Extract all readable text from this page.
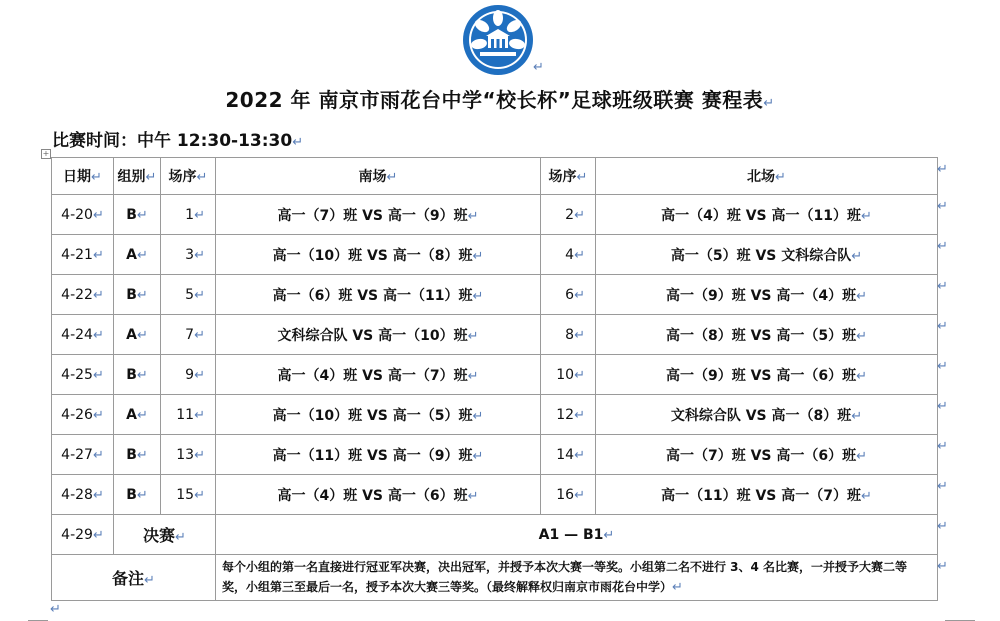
↵
2022 年 南京市雨花台中学“校长杯”足球班级联赛 赛程表↵
比赛时间：中午 12:30-13:30↵
+
日期↵	组别↵	场序↵	南场↵	场序↵	北场↵
4-20↵	B↵	1↵	高一（7）班 VS 高一（9）班↵	2↵	高一（4）班 VS 高一（11）班↵
4-21↵	A↵	3↵	高一（10）班 VS 高一（8）班↵	4↵	高一（5）班 VS 文科综合队↵
4-22↵	B↵	5↵	高一（6）班 VS 高一（11）班↵	6↵	高一（9）班 VS 高一（4）班↵
4-24↵	A↵	7↵	文科综合队 VS 高一（10）班↵	8↵	高一（8）班 VS 高一（5）班↵
4-25↵	B↵	9↵	高一（4）班 VS 高一（7）班↵	10↵	高一（9）班 VS 高一（6）班↵
4-26↵	A↵	11↵	高一（10）班 VS 高一（5）班↵	12↵	文科综合队 VS 高一（8）班↵
4-27↵	B↵	13↵	高一（11）班 VS 高一（9）班↵	14↵	高一（7）班 VS 高一（6）班↵
4-28↵	B↵	15↵	高一（4）班 VS 高一（6）班↵	16↵	高一（11）班 VS 高一（7）班↵
4-29↵	决赛↵		A1 — B1↵		
备注↵			每个小组的第一名直接进行冠亚军决赛，决出冠军，并授予本次大赛一等奖。小组第二名不进行 3、4 名比赛，一并授予大赛二等奖，小组第三至最后一名，授予本次大赛三等奖。（最终解释权归南京市雨花台中学）↵		
↵
↵
↵
↵
↵
↵
↵
↵
↵
↵
↵
↵
